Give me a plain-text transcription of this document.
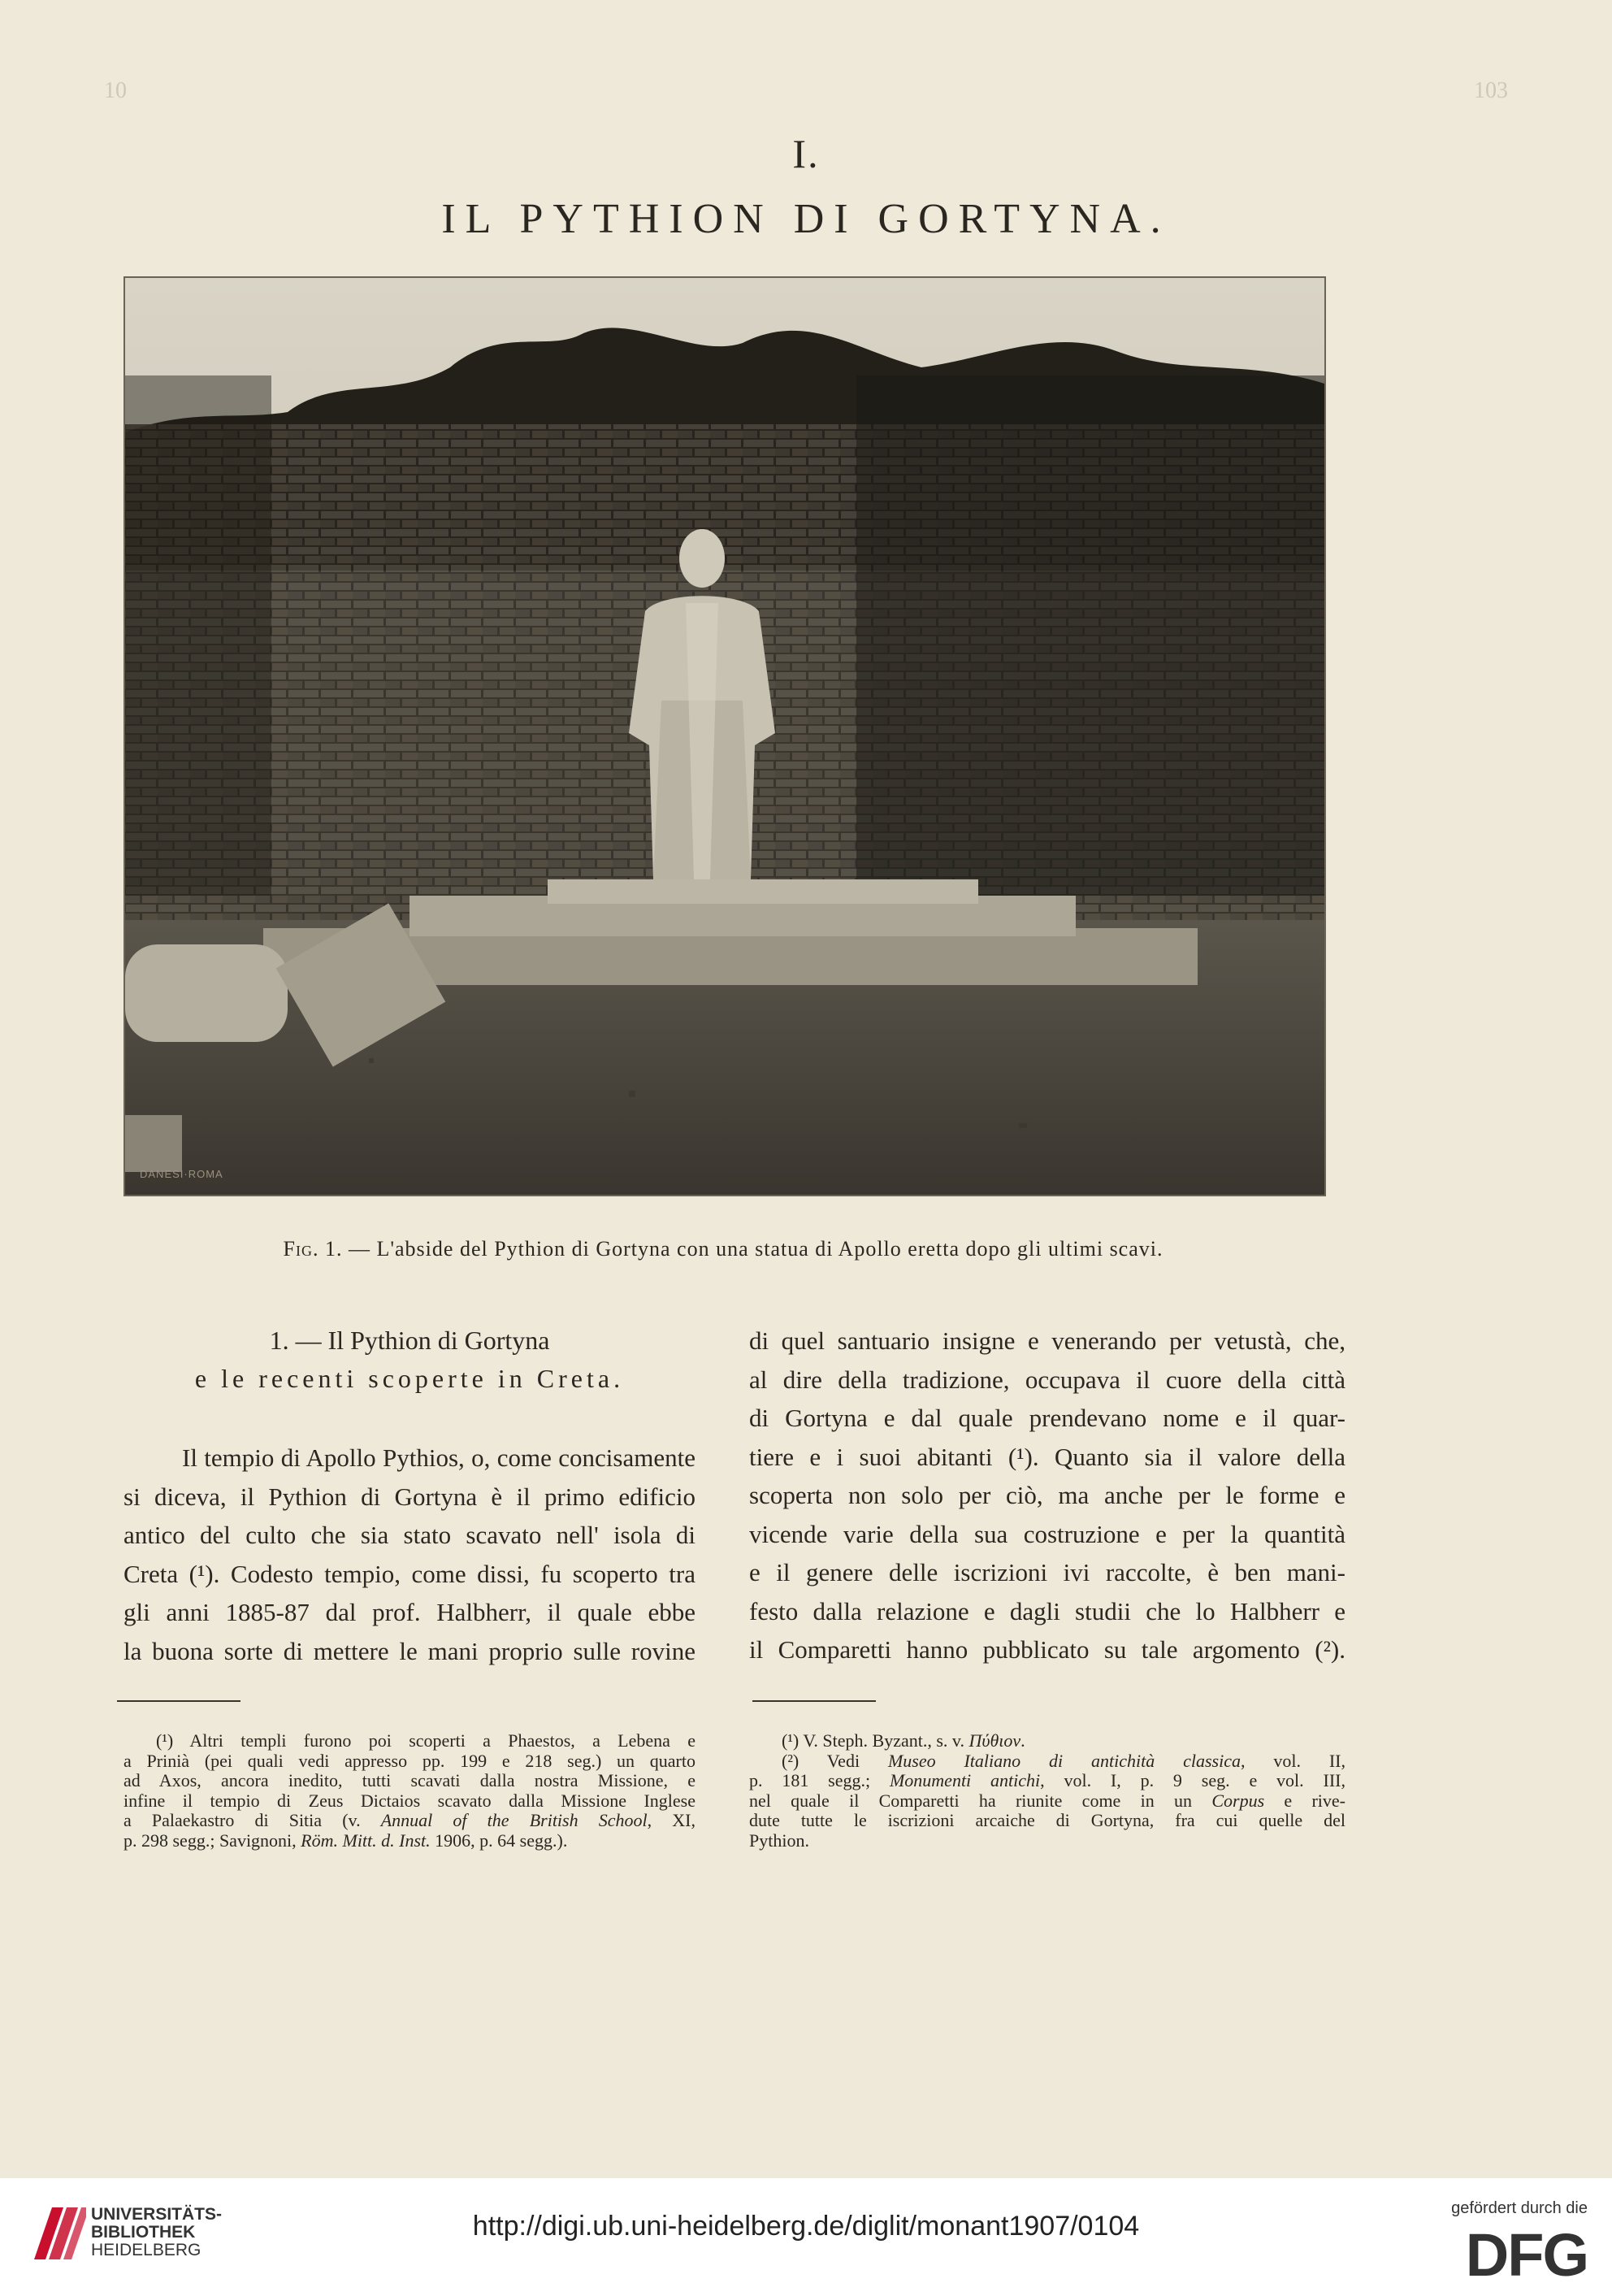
10	103
I.
IL PYTHION DI GORTYNA.
DANESI·ROMA
Fig. 1. — L'abside del Pythion di Gortyna con una statua di Apollo eretta dopo gli ultimi scavi.
1. — Il Pythion di Gortyna
e le recenti scoperte in Creta.
Il tempio di Apollo Pythios, o, come concisamente
si diceva, il Pythion di Gortyna è il primo edificio
antico del culto che sia stato scavato nell' isola di
Creta (¹). Codesto tempio, come dissi, fu scoperto tra
gli anni 1885-87 dal prof. Halbherr, il quale ebbe
la buona sorte di mettere le mani proprio sulle rovine
di quel santuario insigne e venerando per vetustà, che,
al dire della tradizione, occupava il cuore della città
di Gortyna e dal quale prendevano nome e il quar-
tiere e i suoi abitanti (¹). Quanto sia il valore della
scoperta non solo per ciò, ma anche per le forme e
vicende varie della sua costruzione e per la quantità
e il genere delle iscrizioni ivi raccolte, è ben mani-
festo dalla relazione e dagli studii che lo Halbherr e
il Comparetti hanno pubblicato su tale argomento (²).

(¹) Altri templi furono poi scoperti a Phaestos, a Lebena e

a Prinià (pei quali vedi appresso pp. 199 e 218 seg.) un quarto

ad Axos, ancora inedito, tutti scavati dalla nostra Missione, e

infine il tempio di Zeus Dictaios scavato dalla Missione Inglese

a Palaekastro di Sitia (v. Annual of the British School, XI,

p. 298 segg.; Savignoni, Röm. Mitt. d. Inst. 1906, p. 64 segg.).

(¹) V. Steph. Byzant., s. v. Πύθιον.

(²) Vedi Museo Italiano di antichità classica, vol. II,

p. 181 segg.; Monumenti antichi, vol. I, p. 9 seg. e vol. III,

nel quale il Comparetti ha riunite come in un Corpus e rive-

dute tutte le iscrizioni arcaiche di Gortyna, fra cui quelle del

Pythion.

UNIVERSITÄTS-
BIBLIOTHEK
HEIDELBERG
http://digi.ub.uni-heidelberg.de/diglit/monant1907/0104
gefördert durch die
DFG
